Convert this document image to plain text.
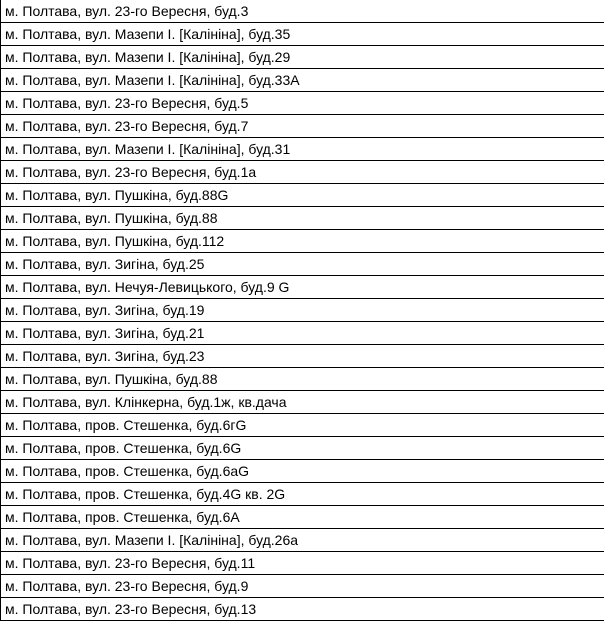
м. Полтава, вул. 23-го Вересня, буд.3
м. Полтава, вул. Мазепи І. [Калініна], буд.35
м. Полтава, вул. Мазепи І. [Калініна], буд.29
м. Полтава, вул. Мазепи І. [Калініна], буд.33А
м. Полтава, вул. 23-го Вересня, буд.5
м. Полтава, вул. 23-го Вересня, буд.7
м. Полтава, вул. Мазепи І. [Калініна], буд.31
м. Полтава, вул. 23-го Вересня, буд.1а
м. Полтава, вул. Пушкіна, буд.88G
м. Полтава, вул. Пушкіна, буд.88
м. Полтава, вул. Пушкіна, буд.112
м. Полтава, вул. Зигіна, буд.25
м. Полтава, вул. Нечуя-Левицького, буд.9 G
м. Полтава, вул. Зигіна, буд.19
м. Полтава, вул. Зигіна, буд.21
м. Полтава, вул. Зигіна, буд.23
м. Полтава, вул. Пушкіна, буд.88
м. Полтава, вул. Клінкерна, буд.1ж, кв.дача
м. Полтава, пров. Стешенка, буд.6гG
м. Полтава, пров. Стешенка, буд.6G
м. Полтава, пров. Стешенка, буд.6аG
м. Полтава, пров. Стешенка, буд.4G кв. 2G
м. Полтава, пров. Стешенка, буд.6А
м. Полтава, вул. Мазепи І. [Калініна], буд.26а
м. Полтава, вул. 23-го Вересня, буд.11
м. Полтава, вул. 23-го Вересня, буд.9
м. Полтава, вул. 23-го Вересня, буд.13
